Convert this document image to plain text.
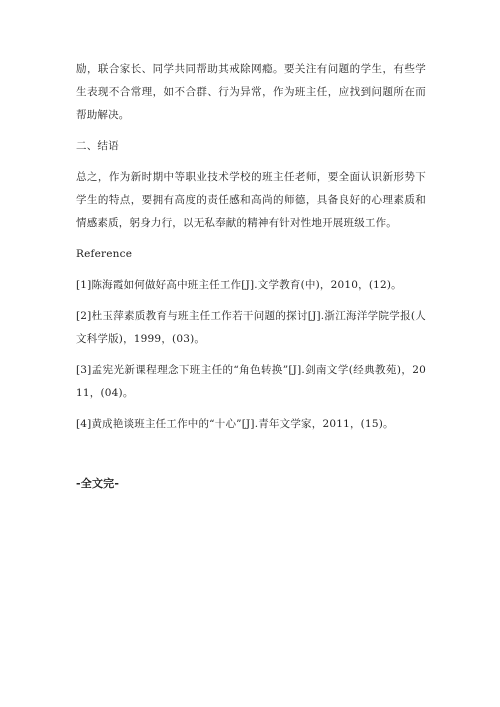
励，联合家长、同学共同帮助其戒除网瘾。要关注有问题的学生，有些学生表现不合常理，如不合群、行为异常，作为班主任，应找到问题所在而帮助解决。

二、结语

总之，作为新时期中等职业技术学校的班主任老师，要全面认识新形势下学生的特点，要拥有高度的责任感和高尚的师德，具备良好的心理素质和情感素质，躬身力行，以无私奉献的精神有针对性地开展班级工作。

Reference

[1]陈海霞如何做好高中班主任工作[J].文学教育(中)，2010，(12)。

[2]杜玉萍素质教育与班主任工作若干问题的探讨[J].浙江海洋学院学报(人文科学版)，1999，(03)。

[3]孟宪光新课程理念下班主任的“角色转换”[J].剑南文学(经典教苑)，2011，(04)。

[4]黄成艳谈班主任工作中的“十心”[J].青年文学家，2011，(15)。

-全文完-
